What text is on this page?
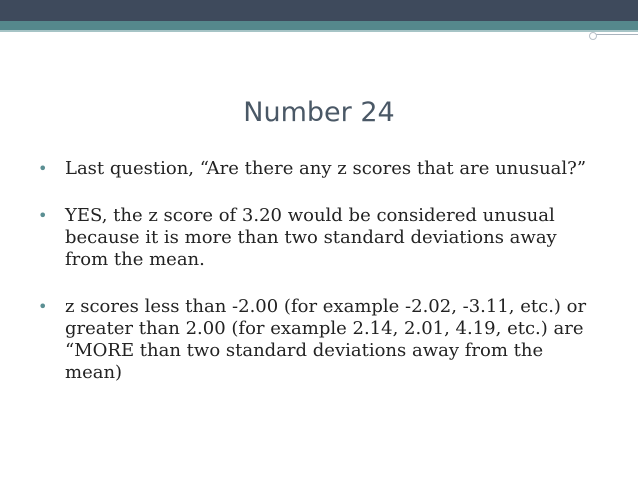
Number 24
• Last question, “Are there any z scores that are unusual?”
• YES, the z score of 3.20 would be considered unusual because it is more than two standard deviations away from the mean.
• z scores less than -2.00 (for example -2.02, -3.11, etc.) or greater than 2.00 (for example 2.14, 2.01, 4.19, etc.) are “MORE than two standard deviations away from the mean)
